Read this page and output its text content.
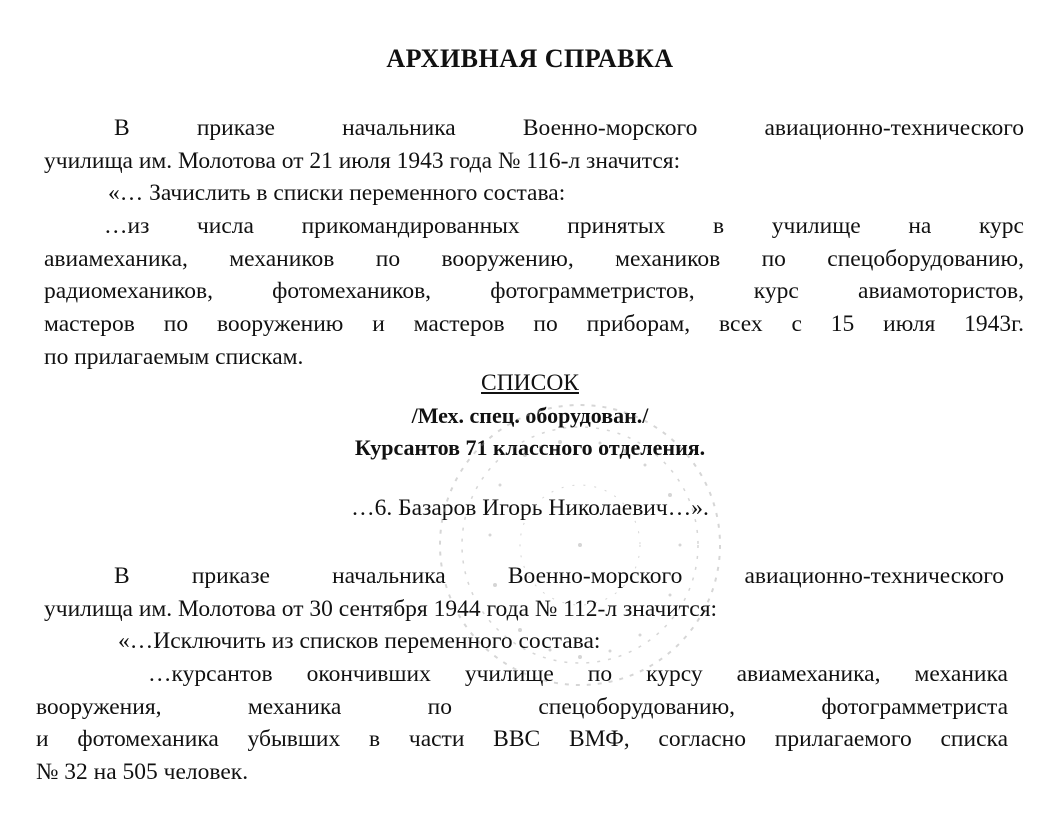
АРХИВНАЯ СПРАВКА

В приказе начальника Военно-морского авиационно-технического

училища им. Молотова от 21 июля 1943 года № 116-л значится:

«… Зачислить в списки переменного состава:

…из числа прикомандированных принятых в училище на курс

авиамеханика, механиков по вооружению, механиков по спецоборудованию,

радиомехаников, фотомехаников, фотограмметристов, курс авиамотористов,

мастеров по вооружению и мастеров по приборам, всех с 15 июля 1943г.

по прилагаемым спискам.

СПИСОК
/Мех. спец. оборудован./
Курсантов 71 классного отделения.
…6. Базаров Игорь Николаевич…».

В приказе начальника Военно-морского авиационно-технического

училища им. Молотова от 30 сентября 1944 года № 112-л значится:

«…Исключить из списков переменного состава:

…курсантов окончивших училище по курсу авиамеханика, механика

вооружения, механика по спецоборудованию, фотограмметриста

и фотомеханика убывших в части ВВС ВМФ, согласно прилагаемого списка

№ 32 на 505 человек.
